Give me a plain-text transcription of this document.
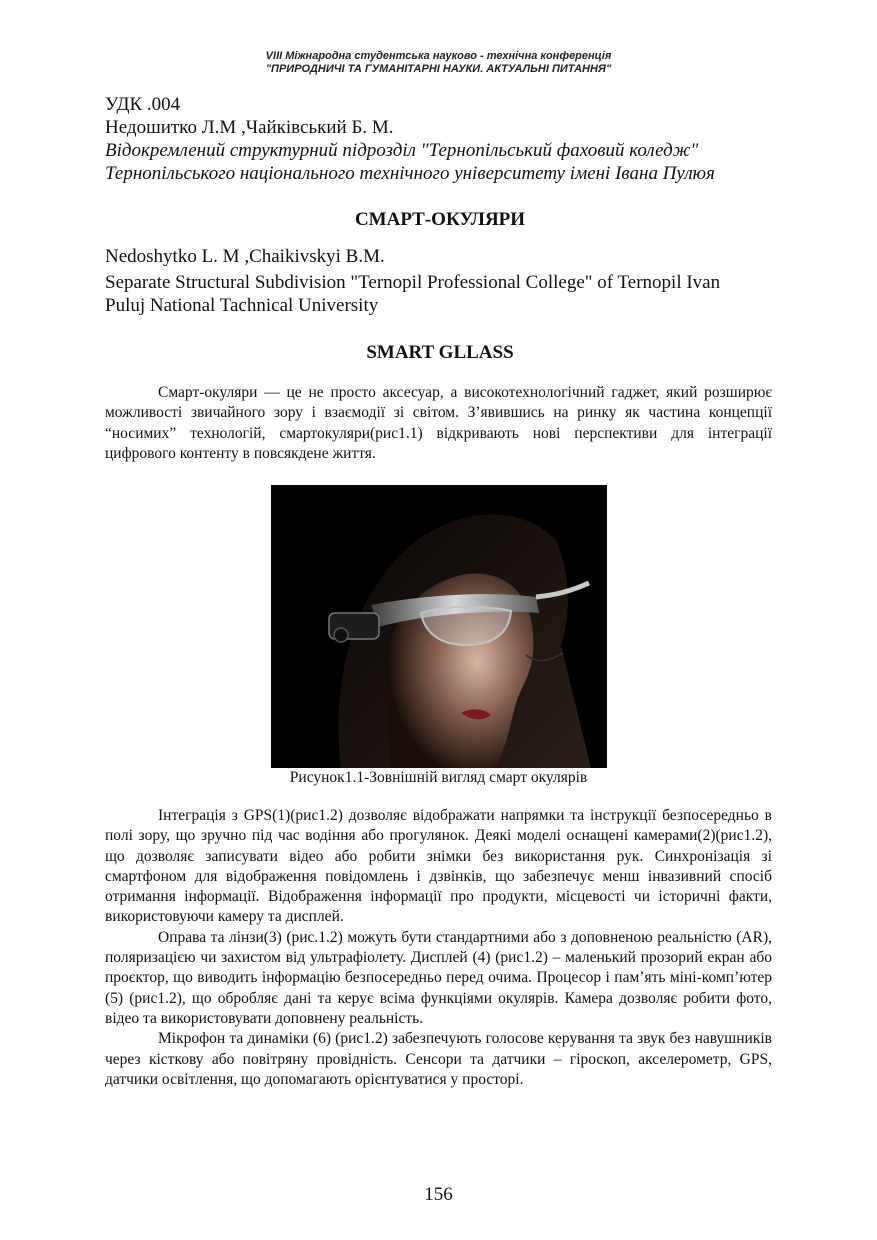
VIII Міжнародна студентська науково - технічна конференція
"ПРИРОДНИЧІ ТА ГУМАНІТАРНІ НАУКИ. АКТУАЛЬНІ ПИТАННЯ"
УДК .004
Недошитко Л.М ,Чайківський Б. М.
Відокремлений структурний підрозділ "Тернопільський фаховий коледж"
Тернопільського національного технічного університету імені Івана Пулюя
СМАРТ-ОКУЛЯРИ
Nedoshytko L. M ,Chaikivskyi B.M.
Separate Structural Subdivision "Ternopil Professional College" of Ternopil Ivan
Puluj National Tachnical University
SMART GLLASS

Смарт-окуляри — це не просто аксесуар, а високотехнологічний гаджет, який розширює можливості звичайного зору і взаємодії зі світом. З’явившись на ринку як частина концепції “носимих” технологій, смартокуляри(рис1.1) відкривають нові перспективи для інтеграції цифрового контенту в повсякдене життя.

Рисунок1.1-Зовнішній вигляд смарт окулярів

Інтеграція з GPS(1)(рис1.2) дозволяє відображати напрямки та інструкції безпосередньо в полі зору, що зручно під час водіння або прогулянок. Деякі моделі оснащені камерами(2)(рис1.2), що дозволяє записувати відео або робити знімки без використання рук. Синхронізація зі смартфоном для відображення повідомлень і дзвінків, що забезпечує менш інвазивний спосіб отримання інформації. Відображення інформації про продукти, місцевості чи історичні факти, використовуючи камеру та дисплей.

Оправа та лінзи(3) (рис.1.2) можуть бути стандартними або з доповненою реальністю (AR), поляризацією чи захистом від ультрафіолету. Дисплей (4) (рис1.2) – маленький прозорий екран або проєктор, що виводить інформацію безпосередньо перед очима. Процесор і пам’ять міні-комп’ютер (5) (рис1.2), що обробляє дані та керує всіма функціями окулярів. Камера дозволяє робити фото, відео та використовувати доповнену реальність.

Мікрофон та динаміки (6) (рис1.2) забезпечують голосове керування та звук без навушників через кісткову або повітряну провідність. Сенсори та датчики – гіроскоп, акселерометр, GPS, датчики освітлення, що допомагають орієнтуватися у просторі.

156
